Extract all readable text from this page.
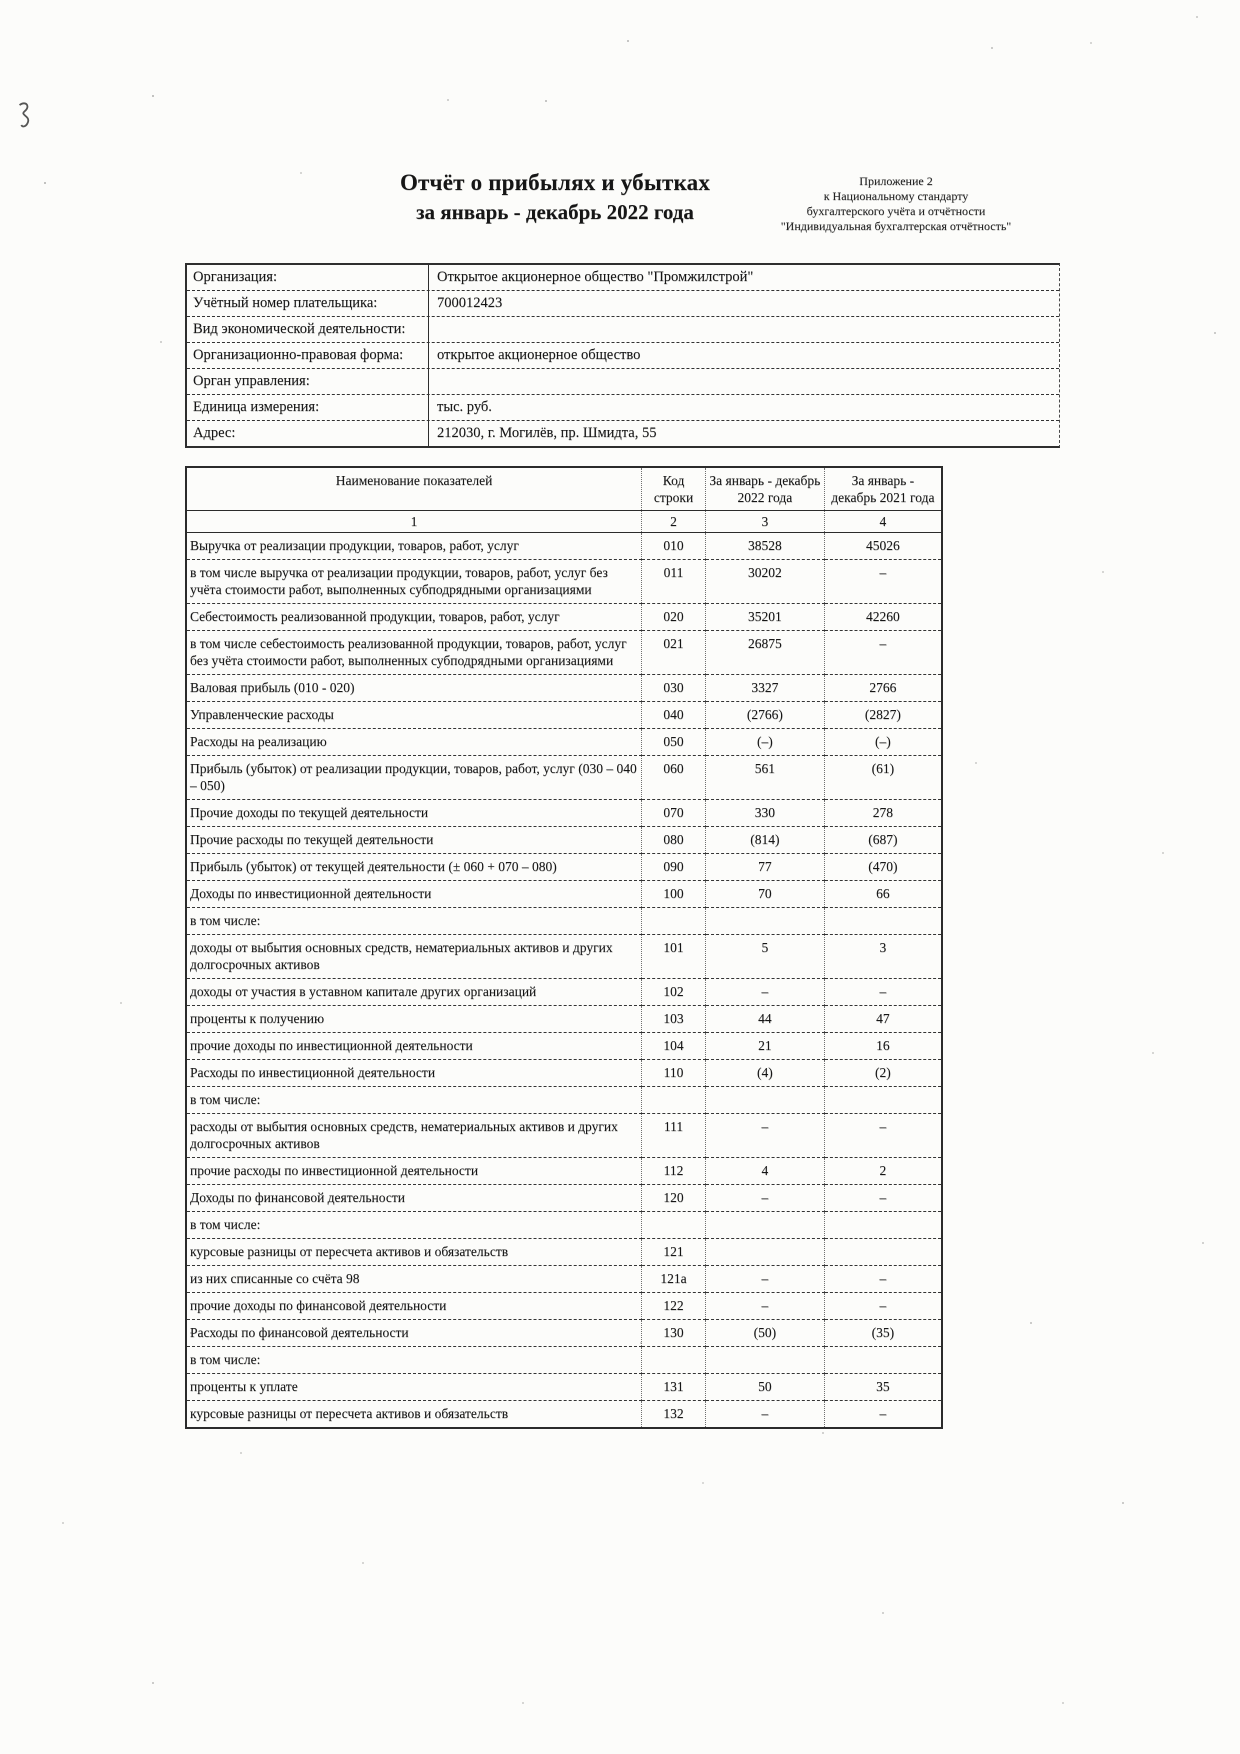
Отчёт о прибылях и убытках
за январь - декабрь 2022 года
Приложение 2
к Национальному стандарту
бухгалтерского учёта и отчётности
"Индивидуальная бухгалтерская отчётность"
Организация:	Открытое акционерное общество "Промжилстрой"
Учётный номер плательщика:	700012423
Вид экономической деятельности:
Организационно-правовая форма:	открытое акционерное общество
Орган управления:
Единица измерения:	тыс. руб.
Адрес:	212030, г. Могилёв, пр. Шмидта, 55
Наименование показателей	Код строки	За январь - декабрь 2022 года	За январь - декабрь 2021 года
1	2	3	4
Выручка от реализации продукции, товаров, работ, услуг	010	38528	45026
в том числе выручка от реализации продукции, товаров, работ, услуг без учёта стоимости работ, выполненных субподрядными организациями	011	30202	–
Себестоимость реализованной продукции, товаров, работ, услуг	020	35201	42260
в том числе себестоимость реализованной продукции, товаров, работ, услуг без учёта стоимости работ, выполненных субподрядными организациями	021	26875	–
Валовая прибыль (010 - 020)	030	3327	2766
Управленческие расходы	040	(2766)	(2827)
Расходы на реализацию	050	(–)	(–)
Прибыль (убыток) от реализации продукции, товаров, работ, услуг (030 – 040 – 050)	060	561	(61)
Прочие доходы по текущей деятельности	070	330	278
Прочие расходы по текущей деятельности	080	(814)	(687)
Прибыль (убыток) от текущей деятельности (± 060 + 070 – 080)	090	77	(470)
Доходы по инвестиционной деятельности	100	70	66
в том числе:			
доходы от выбытия основных средств, нематериальных активов и других долгосрочных активов	101	5	3
доходы от участия в уставном капитале других организаций	102	–	–
проценты к получению	103	44	47
прочие доходы по инвестиционной деятельности	104	21	16
Расходы по инвестиционной деятельности	110	(4)	(2)
в том числе:			
расходы от выбытия основных средств, нематериальных активов и других долгосрочных активов	111	–	–
прочие расходы по инвестиционной деятельности	112	4	2
Доходы по финансовой деятельности	120	–	–
в том числе:			
курсовые разницы от пересчета активов и обязательств	121		
из них списанные со счёта 98	121а	–	–
прочие доходы по финансовой деятельности	122	–	–
Расходы по финансовой деятельности	130	(50)	(35)
в том числе:			
проценты к уплате	131	50	35
курсовые разницы от пересчета активов и обязательств	132	–	–
